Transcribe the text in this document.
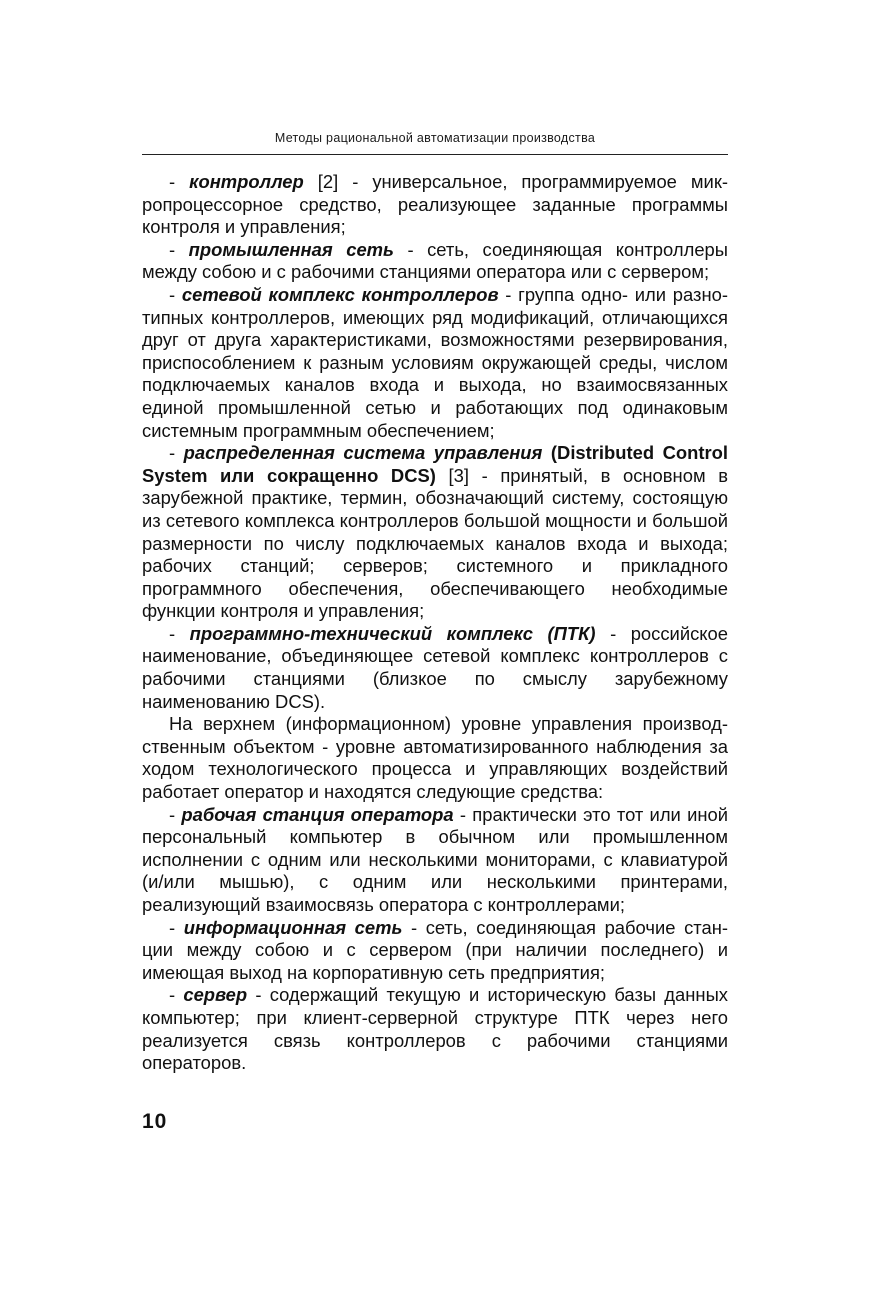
Методы рациональной автоматизации производства

- контроллер [2] - универсальное, программируемое микропроцессорное средство, реализующее заданные программы контроля и управления;

- промышленная сеть - сеть, соединяющая контроллеры между собою и с рабочими станциями оператора или с сервером;

- сетевой комплекс контроллеров - группа одно- или разнотипных контроллеров, имеющих ряд модификаций, отличающихся друг от друга характеристиками, возможностями резервирования, приспособлением к разным условиям окружающей среды, числом подключаемых каналов входа и выхода, но взаимосвязанных единой промышленной сетью и работающих под одинаковым системным программным обеспечением;

- распределенная система управления (Distributed Control System или сокращенно DCS) [3] - принятый, в основном в зарубежной практике, термин, обозначающий систему, состоящую из сетевого комплекса контроллеров большой мощности и большой размерности по числу подключаемых каналов входа и выхода; рабочих станций; серверов; системного и прикладного программного обеспечения, обеспечивающего необходимые функции контроля и управления;

- программно-технический комплекс (ПТК) - российское наименование, объединяющее сетевой комплекс контроллеров с рабочими станциями (близкое по смыслу зарубежному наименованию DCS).

На верхнем (информационном) уровне управления производственным объектом - уровне автоматизированного наблюдения за ходом технологического процесса и управляющих воздействий работает оператор и находятся следующие средства:

- рабочая станция оператора - практически это тот или иной персональный компьютер в обычном или промышленном исполнении с одним или несколькими мониторами, с клавиатурой (и/или мышью), с одним или несколькими принтерами, реализующий взаимосвязь оператора с контроллерами;

- информационная сеть - сеть, соединяющая рабочие станции между собою и с сервером (при наличии последнего) и имеющая выход на корпоративную сеть предприятия;

- сервер - содержащий текущую и историческую базы данных компьютер; при клиент-серверной структуре ПТК через него реализуется связь контроллеров с рабочими станциями операторов.

10
